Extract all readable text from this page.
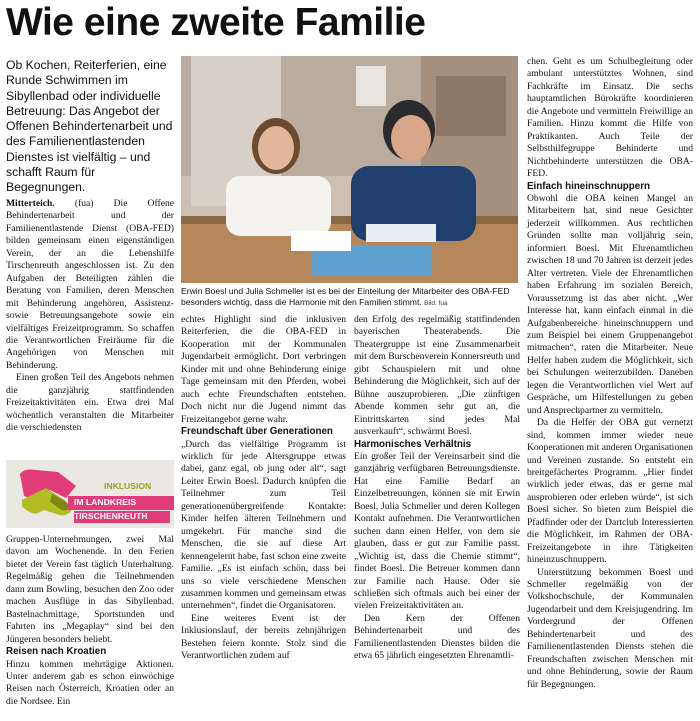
Wie eine zweite Familie
Ob Kochen, Reiterferien, eine Runde Schwimmen im Sibyllenbad oder individuelle Betreuung: Das Angebot der Offenen Behindertenarbeit und des Familienentlastenden Dienstes ist vielfältig – und schafft Raum für Begegnungen.

Mitterteich. (fua) Die Offene Behindertenarbeit und der Familienentlastende Dienst (OBA-FED) bilden gemeinsam einen eigenständigen Verein, der an die Lebenshilfe Tirschenreuth angeschlossen ist. Zu den Aufgaben der Beteiligten zählen die Beratung von Familien, deren Menschen mit Behinderung angehören, Assistenz- sowie Betreuungsangebote sowie ein vielfältiges Freizeitprogramm. So schaffen die Verantwortlichen Freiräume für die Angehörigen von Menschen mit Behinderung.

Einen großen Teil des Angebots nehmen die ganzjährig stattfindenden Freizeitaktivitäten ein. Etwa drei Mal wöchentlich veranstalten die Mitarbeiter die verschiedensten

INKLUSION
IM LANDKREIS
TIRSCHENREUTH

Gruppen-Unternehmungen, zwei Mal davon am Wochenende. In den Ferien bietet der Verein fast täglich Unterhaltung. Regelmäßig gehen die Teilnehmenden dann zum Bowling, besuchen den Zoo oder machen Ausflüge in das Sibyllenbad. Bastelnachmittage, Sportstunden und Fahrten ins „Megaplay“ sind bei den Jüngeren besonders beliebt.

Reisen nach Kroatien

Hinzu kommen mehrtägige Aktionen. Unter anderem gab es schon einwöchige Reisen nach Österreich, Kroatien oder an die Nordsee. Ein

Erwin Boesl und Julia Schmeller ist es bei der Einteilung der Mitarbeiter des OBA-FED besonders wichtig, dass die Harmonie mit den Familien stimmt. Bild: fua

echtes Highlight sind die inklusiven Reiterferien, die die OBA-FED in Kooperation mit der Kommunalen Jugendarbeit ermöglicht. Dort verbringen Kinder mit und ohne Behinderung einige Tage gemeinsam mit den Pferden, wobei auch echte Freundschaften entstehen. Doch nicht nur die Jugend nimmt das Freizeitangebot gerne wahr.

Freundschaft über Generationen

„Durch das vielfältige Programm ist wirklich für jede Altersgruppe etwas dabei, ganz egal, ob jung oder alt“, sagt Leiter Erwin Boesl. Dadurch knüpfen die Teilnehmer zum Teil generationenübergreifende Kontakte: Kinder helfen älteren Teilnehmern und umgekehrt. Für manche sind die Menschen, die sie auf diese Art kennengelernt habe, fast schon eine zweite Familie. „Es ist einfach schön, dass bei uns so viele verschiedene Menschen zusammen kommen und gemeinsam etwas unternehmen“, findet die Organisatoren.

Eine weiteres Event ist der Inklusionslauf, der bereits zehnjährigen Bestehen feiern konnte. Stolz sind die Verantwortlichen zudem auf

den Erfolg des regelmäßig stattfindenden bayerischen Theaterabends. Die Theatergruppe ist eine Zusammenarbeit mit dem Burschenverein Konnersreuth und gibt Schauspielern mit und ohne Behinderung die Möglichkeit, sich auf der Bühne auszuprobieren. „Die zünftigen Abende kommen sehr gut an, die Eintrittskarten sind jedes Mal ausverkauft“, schwärmt Boesl.

Harmonisches Verhältnis

Ein großer Teil der Vereinsarbeit sind die ganzjährig verfügbaren Betreuungsdienste. Hat eine Familie Bedarf an Einzelbetreuungen, können sie mit Erwin Boesl, Julia Schmeller und deren Kollegen Kontakt aufnehmen. Die Verantwortlichen suchen dann einen Helfer, von dem sie glauben, dass er gut zur Familie passt. „Wichtig ist, dass die Chemie stimmt“, findet Boesl. Die Betreuer kommen dann zur Familie nach Hause. Oder sie schließen sich oftmals auch bei einer der vielen Freizeitaktivitäten an.

Den Kern der Offenen Behindertenarbeit und des Familienentlastenden Dienstes bilden die etwa 65 jährlich eingesetzten Ehrenamtli-

chen. Geht es um Schulbegleitung oder ambulant unterstütztes Wohnen, sind Fachkräfte im Einsatz. Die sechs hauptamtlichen Bürokräfte koordinieren die Angebote und vermitteln Freiwillige an Familien. Hinzu kommt die Hilfe von Praktikanten. Auch Teile der Selbsthilfegruppe Behinderte und Nichtbehinderte unterstützen die OBA-FED.

Einfach hineinschnuppern

Obwohl die OBA keinen Mangel an Mitarbeitern hat, sind neue Gesichter jederzeit willkommen. Aus rechtlichen Gründen sollte man volljährig sein, informiert Boesl. Mit Ehrenamtlichen zwischen 18 und 70 Jahren ist derzeit jedes Alter vertreten. Viele der Ehrenamtlichen haben Erfahrung im sozialen Bereich, Voraussetzung ist das aber nicht. „Wer Interesse hat, kann einfach einmal in die Aufgabenbereiche hineinschnuppern und zum Beispiel bei einem Gruppenangebot mitmachen“, raten die Mitarbeiter. Neue Helfer haben zudem die Möglichkeit, sich bei Schulungen weiterzubilden. Daneben legen die Verantwortlichen viel Wert auf Gespräche, um Hilfestellungen zu geben und Ansprechpartner zu vermitteln.

Da die Helfer der OBA gut vernetzt sind, kommen immer wieder neue Kooperationen mit anderen Organisationen und Vereinen zustande. So entsteht ein breitgefächertes Programm. „Hier findet wirklich jeder etwas, das er gerne mal ausprobieren oder erleben würde“, ist sich Boesl sicher. So bieten zum Beispiel die Pfadfinder oder der Dartclub Interessierten die Möglichkeit, im Rahmen der OBA-Freizeitangebote in ihre Tätigkeiten hineinzuschnuppern.

Unterstützung bekommen Boesl und Schmeller regelmäßig von der Volkshochschule, der Kommunalen Jugendarbeit und dem Kreisjugendring. Im Vordergrund der Offenen Behindertenarbeit und des Familienentlastenden Diensts stehen die Freundschaften zwischen Menschen mit und ohne Behinderung, sowie der Raum für Begegnungen.
